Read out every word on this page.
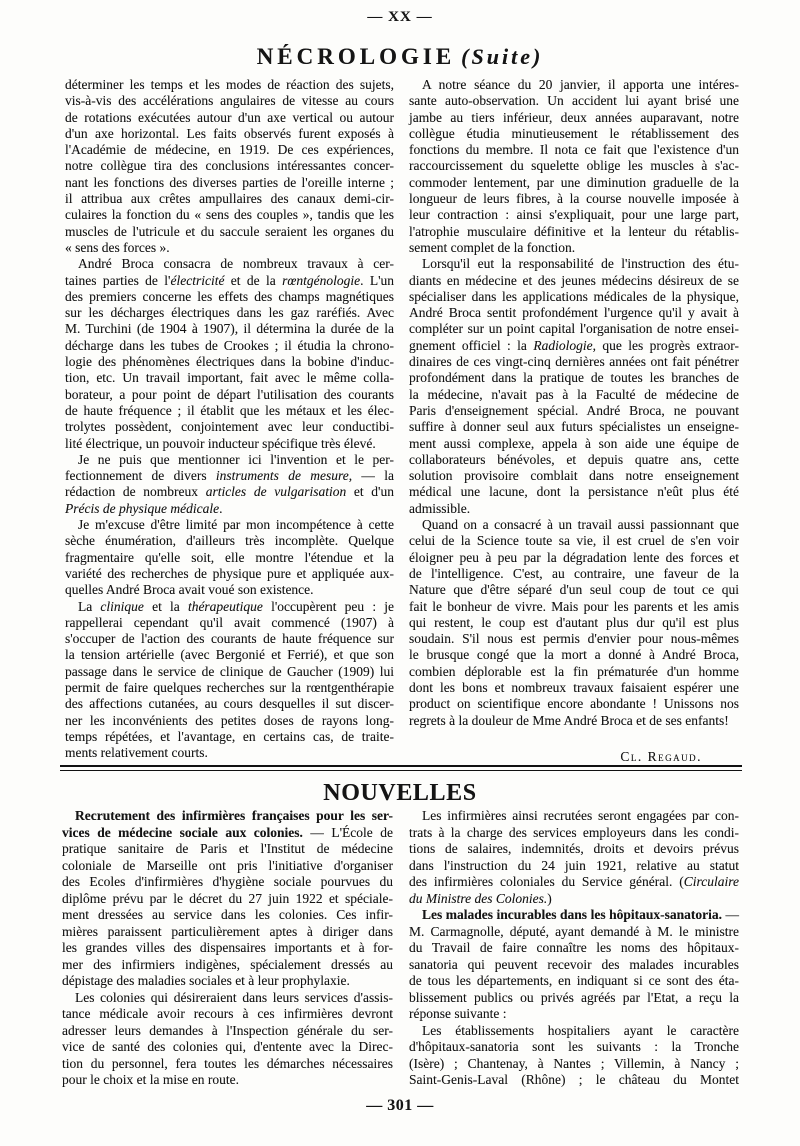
— XX —
NÉCROLOGIE (Suite)
déterminer les temps et les modes de réaction des sujets,
vis-à-vis des accélérations angulaires de vitesse au cours
de rotations exécutées autour d'un axe vertical ou autour
d'un axe horizontal. Les faits observés furent exposés à
l'Académie de médecine, en 1919. De ces expériences,
notre collègue tira des conclusions intéressantes concer-
nant les fonctions des diverses parties de l'oreille interne ;
il attribua aux crêtes ampullaires des canaux demi-cir-
culaires la fonction du « sens des couples », tandis que les
muscles de l'utricule et du saccule seraient les organes du
« sens des forces ».
André Broca consacra de nombreux travaux à cer-
taines parties de l'électricité et de la rœntgénologie. L'un
des premiers concerne les effets des champs magnétiques
sur les décharges électriques dans les gaz raréfiés. Avec
M. Turchini (de 1904 à 1907), il détermina la durée de la
décharge dans les tubes de Crookes ; il étudia la chrono-
logie des phénomènes électriques dans la bobine d'induc-
tion, etc. Un travail important, fait avec le même colla-
borateur, a pour point de départ l'utilisation des courants
de haute fréquence ; il établit que les métaux et les élec-
trolytes possèdent, conjointement avec leur conductibi-
lité électrique, un pouvoir inducteur spécifique très élevé.
Je ne puis que mentionner ici l'invention et le per-
fectionnement de divers instruments de mesure, — la
rédaction de nombreux articles de vulgarisation et d'un
Précis de physique médicale.
Je m'excuse d'être limité par mon incompétence à cette
sèche énumération, d'ailleurs très incomplète. Quelque
fragmentaire qu'elle soit, elle montre l'étendue et la
variété des recherches de physique pure et appliquée aux-
quelles André Broca avait voué son existence.
La clinique et la thérapeutique l'occupèrent peu : je
rappellerai cependant qu'il avait commencé (1907) à
s'occuper de l'action des courants de haute fréquence sur
la tension artérielle (avec Bergonié et Ferrié), et que son
passage dans le service de clinique de Gaucher (1909) lui
permit de faire quelques recherches sur la rœntgenthérapie
des affections cutanées, au cours desquelles il sut discer-
ner les inconvénients des petites doses de rayons long-
temps répétées, et l'avantage, en certains cas, de traite-
ments relativement courts.
A notre séance du 20 janvier, il apporta une intéres-
sante auto-observation. Un accident lui ayant brisé une
jambe au tiers inférieur, deux années auparavant, notre
collègue étudia minutieusement le rétablissement des
fonctions du membre. Il nota ce fait que l'existence d'un
raccourcissement du squelette oblige les muscles à s'ac-
commoder lentement, par une diminution graduelle de la
longueur de leurs fibres, à la course nouvelle imposée à
leur contraction : ainsi s'expliquait, pour une large part,
l'atrophie musculaire définitive et la lenteur du rétablis-
sement complet de la fonction.
Lorsqu'il eut la responsabilité de l'instruction des étu-
diants en médecine et des jeunes médecins désireux de se
spécialiser dans les applications médicales de la physique,
André Broca sentit profondément l'urgence qu'il y avait à
compléter sur un point capital l'organisation de notre ensei-
gnement officiel : la Radiologie, que les progrès extraor-
dinaires de ces vingt-cinq dernières années ont fait pénétrer
profondément dans la pratique de toutes les branches de
la médecine, n'avait pas à la Faculté de médecine de
Paris d'enseignement spécial. André Broca, ne pouvant
suffire à donner seul aux futurs spécialistes un enseigne-
ment aussi complexe, appela à son aide une équipe de
collaborateurs bénévoles, et depuis quatre ans, cette
solution provisoire comblait dans notre enseignement
médical une lacune, dont la persistance n'eût plus été
admissible.
Quand on a consacré à un travail aussi passionnant que
celui de la Science toute sa vie, il est cruel de s'en voir
éloigner peu à peu par la dégradation lente des forces et
de l'intelligence. C'est, au contraire, une faveur de la
Nature que d'être séparé d'un seul coup de tout ce qui
fait le bonheur de vivre. Mais pour les parents et les amis
qui restent, le coup est d'autant plus dur qu'il est plus
soudain. S'il nous est permis d'envier pour nous-mêmes
le brusque congé que la mort a donné à André Broca,
combien déplorable est la fin prématurée d'un homme
dont les bons et nombreux travaux faisaient espérer une
product on scientifique encore abondante ! Unissons nos
regrets à la douleur de Mme André Broca et de ses enfants!
Cl. Regaud.
NOUVELLES
Recrutement des infirmières françaises pour les ser-
vices de médecine sociale aux colonies. — L'École de
pratique sanitaire de Paris et l'Institut de médecine
coloniale de Marseille ont pris l'initiative d'organiser
des Ecoles d'infirmières d'hygiène sociale pourvues du
diplôme prévu par le décret du 27 juin 1922 et spéciale-
ment dressées au service dans les colonies. Ces infir-
mières paraissent particulièrement aptes à diriger dans
les grandes villes des dispensaires importants et à for-
mer des infirmiers indigènes, spécialement dressés au
dépistage des maladies sociales et à leur prophylaxie.
Les colonies qui désireraient dans leurs services d'assis-
tance médicale avoir recours à ces infirmières devront
adresser leurs demandes à l'Inspection générale du ser-
vice de santé des colonies qui, d'entente avec la Direc-
tion du personnel, fera toutes les démarches nécessaires
pour le choix et la mise en route.
Les infirmières ainsi recrutées seront engagées par con-
trats à la charge des services employeurs dans les condi-
tions de salaires, indemnités, droits et devoirs prévus
dans l'instruction du 24 juin 1921, relative au statut
des infirmières coloniales du Service général. (Circulaire
du Ministre des Colonies.)
Les malades incurables dans les hôpitaux-sanatoria. —
M. Carmagnolle, député, ayant demandé à M. le ministre
du Travail de faire connaître les noms des hôpitaux-
sanatoria qui peuvent recevoir des malades incurables
de tous les départements, en indiquant si ce sont des éta-
blissement publics ou privés agréés par l'Etat, a reçu la
réponse suivante :
Les établissements hospitaliers ayant le caractère
d'hôpitaux-sanatoria sont les suivants : la Tronche
(Isère) ; Chantenay, à Nantes ; Villemin, à Nancy ;
Saint-Genis-Laval (Rhône) ; le château du Montet
— 301 —
